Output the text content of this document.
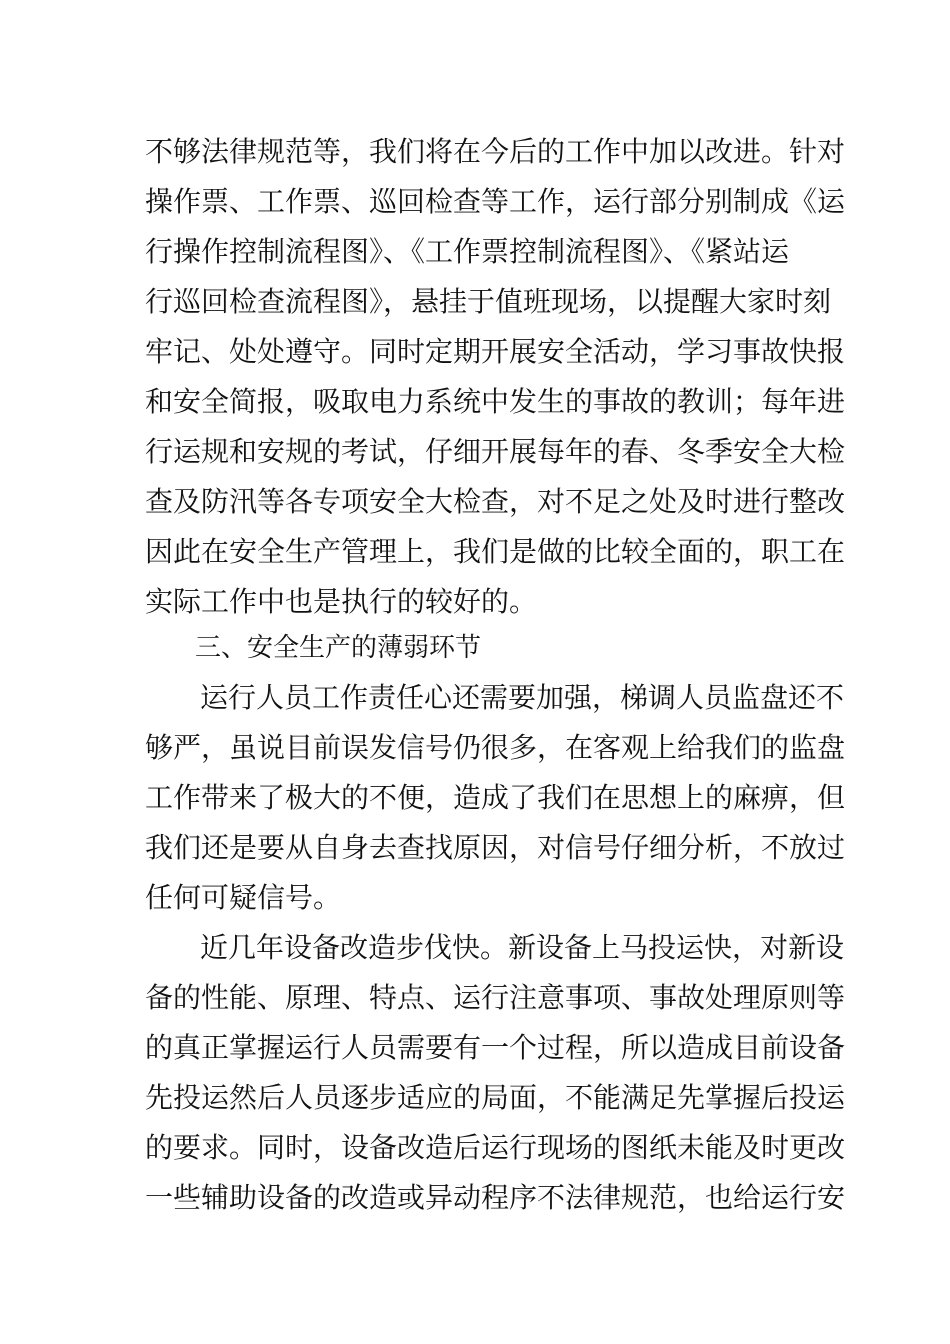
不够法律规范等，我们将在今后的工作中加以改进。针对
操作票、工作票、巡回检查等工作，运行部分别制成《运
行操作控制流程图》、《工作票控制流程图》、《紧站运
行巡回检查流程图》，悬挂于值班现场，以提醒大家时刻
牢记、处处遵守。同时定期开展安全活动，学习事故快报
和安全简报，吸取电力系统中发生的事故的教训；每年进
行运规和安规的考试，仔细开展每年的春、冬季安全大检
查及防汛等各专项安全大检查，对不足之处及时进行整改
因此在安全生产管理上，我们是做的比较全面的，职工在
实际工作中也是执行的较好的。
三、安全生产的薄弱环节
运行人员工作责任心还需要加强，梯调人员监盘还不
够严，虽说目前误发信号仍很多，在客观上给我们的监盘
工作带来了极大的不便，造成了我们在思想上的麻痹，但
我们还是要从自身去查找原因，对信号仔细分析，不放过
任何可疑信号。
近几年设备改造步伐快。新设备上马投运快，对新设
备的性能、原理、特点、运行注意事项、事故处理原则等
的真正掌握运行人员需要有一个过程，所以造成目前设备
先投运然后人员逐步适应的局面，不能满足先掌握后投运
的要求。同时，设备改造后运行现场的图纸未能及时更改
一些辅助设备的改造或异动程序不法律规范，也给运行安
